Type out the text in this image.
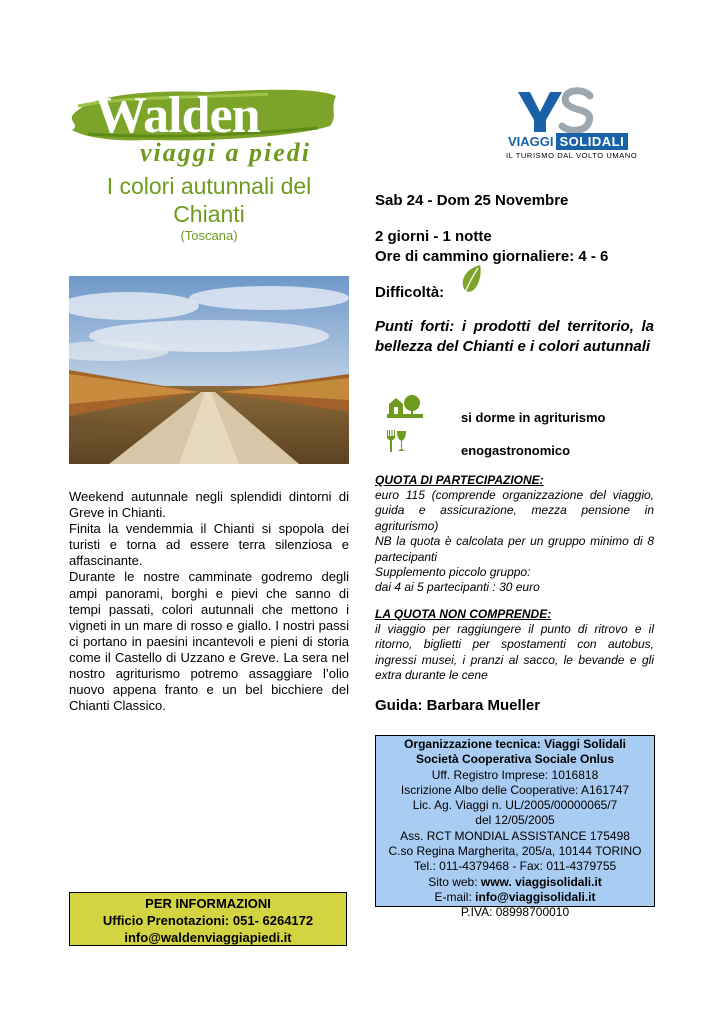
Walden
viaggi a piedi	VIAGGI SOLIDALI
IL TURISMO DAL VOLTO UMANO
I colori autunnali del Chianti
(Toscana)

Weekend autunnale negli splendidi dintorni di Greve in Chianti.

Finita la vendemmia il Chianti si spopola dei turisti e torna ad essere terra silenziosa e affascinante.

Durante le nostre camminate godremo degli ampi panorami, borghi e pievi che sanno di tempi passati, colori autunnali che mettono i vigneti in un mare di rosso e giallo. I nostri passi ci portano in paesini incantevoli e pieni di storia come il Castello di Uzzano e Greve. La sera nel nostro agriturismo potremo assaggiare l’olio nuovo appena franto e un bel bicchiere del Chianti Classico.

PER INFORMAZIONI
Ufficio Prenotazioni: 051- 6264172
info@waldenviaggiapiedi.it
Sab 24 - Dom 25 Novembre
2 giorni - 1 notte
Ore di cammino giornaliere: 4 - 6
Difficoltà:
Punti forti: i prodotti del territorio, la bellezza del Chianti e i colori autunnali
si dorme in agriturismo
enogastronomico
QUOTA DI PARTECIPAZIONE:
euro 115 (comprende organizzazione del viaggio, guida e assicurazione, mezza pensione in agriturismo)
NB la quota è calcolata per un gruppo minimo di 8 partecipanti
Supplemento piccolo gruppo:
dai 4 ai 5 partecipanti : 30 euro
LA QUOTA NON COMPRENDE:
il viaggio per raggiungere il punto di ritrovo e il ritorno, biglietti per spostamenti con autobus, ingressi musei, i pranzi al sacco, le bevande e gli extra durante le cene
Guida: Barbara Mueller
Organizzazione tecnica: Viaggi Solidali
Società Cooperativa Sociale Onlus
Uff. Registro Imprese: 1016818
Iscrizione Albo delle Cooperative: A161747
Lic. Ag. Viaggi n. UL/2005/00000065/7
del 12/05/2005
Ass. RCT MONDIAL ASSISTANCE 175498
C.so Regina Margherita, 205/a, 10144 TORINO
Tel.: 011-4379468 - Fax: 011-4379755
Sito web: www. viaggisolidali.it
E-mail: info@viaggisolidali.it
P.IVA: 08998700010
